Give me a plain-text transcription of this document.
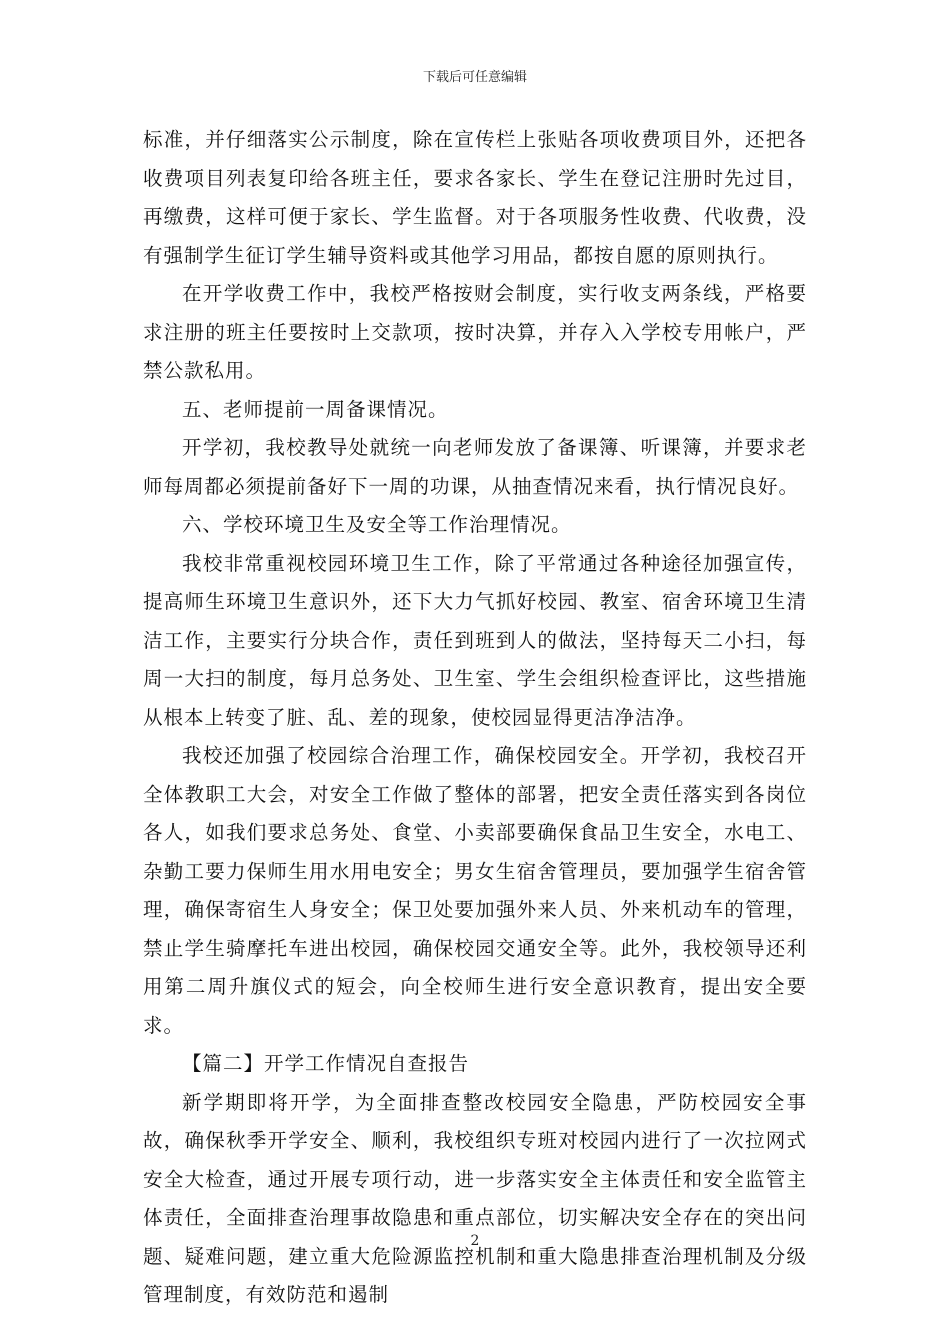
下载后可任意编辑

标准，并仔细落实公示制度，除在宣传栏上张贴各项收费项目外，还把各收费项目列表复印给各班主任，要求各家长、学生在登记注册时先过目，再缴费，这样可便于家长、学生监督。对于各项服务性收费、代收费，没有强制学生征订学生辅导资料或其他学习用品，都按自愿的原则执行。

在开学收费工作中，我校严格按财会制度，实行收支两条线，严格要求注册的班主任要按时上交款项，按时决算，并存入入学校专用帐户，严禁公款私用。

五、老师提前一周备课情况。

开学初，我校教导处就统一向老师发放了备课簿、听课簿，并要求老师每周都必须提前备好下一周的功课，从抽查情况来看，执行情况良好。

六、学校环境卫生及安全等工作治理情况。

我校非常重视校园环境卫生工作，除了平常通过各种途径加强宣传，提高师生环境卫生意识外，还下大力气抓好校园、教室、宿舍环境卫生清洁工作，主要实行分块合作，责任到班到人的做法，坚持每天二小扫，每周一大扫的制度，每月总务处、卫生室、学生会组织检查评比，这些措施从根本上转变了脏、乱、差的现象，使校园显得更洁净洁净。

我校还加强了校园综合治理工作，确保校园安全。开学初，我校召开全体教职工大会，对安全工作做了整体的部署，把安全责任落实到各岗位各人，如我们要求总务处、食堂、小卖部要确保食品卫生安全，水电工、杂勤工要力保师生用水用电安全；男女生宿舍管理员，要加强学生宿舍管理，确保寄宿生人身安全；保卫处要加强外来人员、外来机动车的管理，禁止学生骑摩托车进出校园，确保校园交通安全等。此外，我校领导还利用第二周升旗仪式的短会，向全校师生进行安全意识教育，提出安全要求。

【篇二】开学工作情况自查报告

新学期即将开学，为全面排查整改校园安全隐患，严防校园安全事故，确保秋季开学安全、顺利，我校组织专班对校园内进行了一次拉网式安全大检查，通过开展专项行动，进一步落实安全主体责任和安全监管主体责任，全面排查治理事故隐患和重点部位，切实解决安全存在的突出问题、疑难问题，建立重大危险源监控机制和重大隐患排查治理机制及分级管理制度，有效防范和遏制

2
